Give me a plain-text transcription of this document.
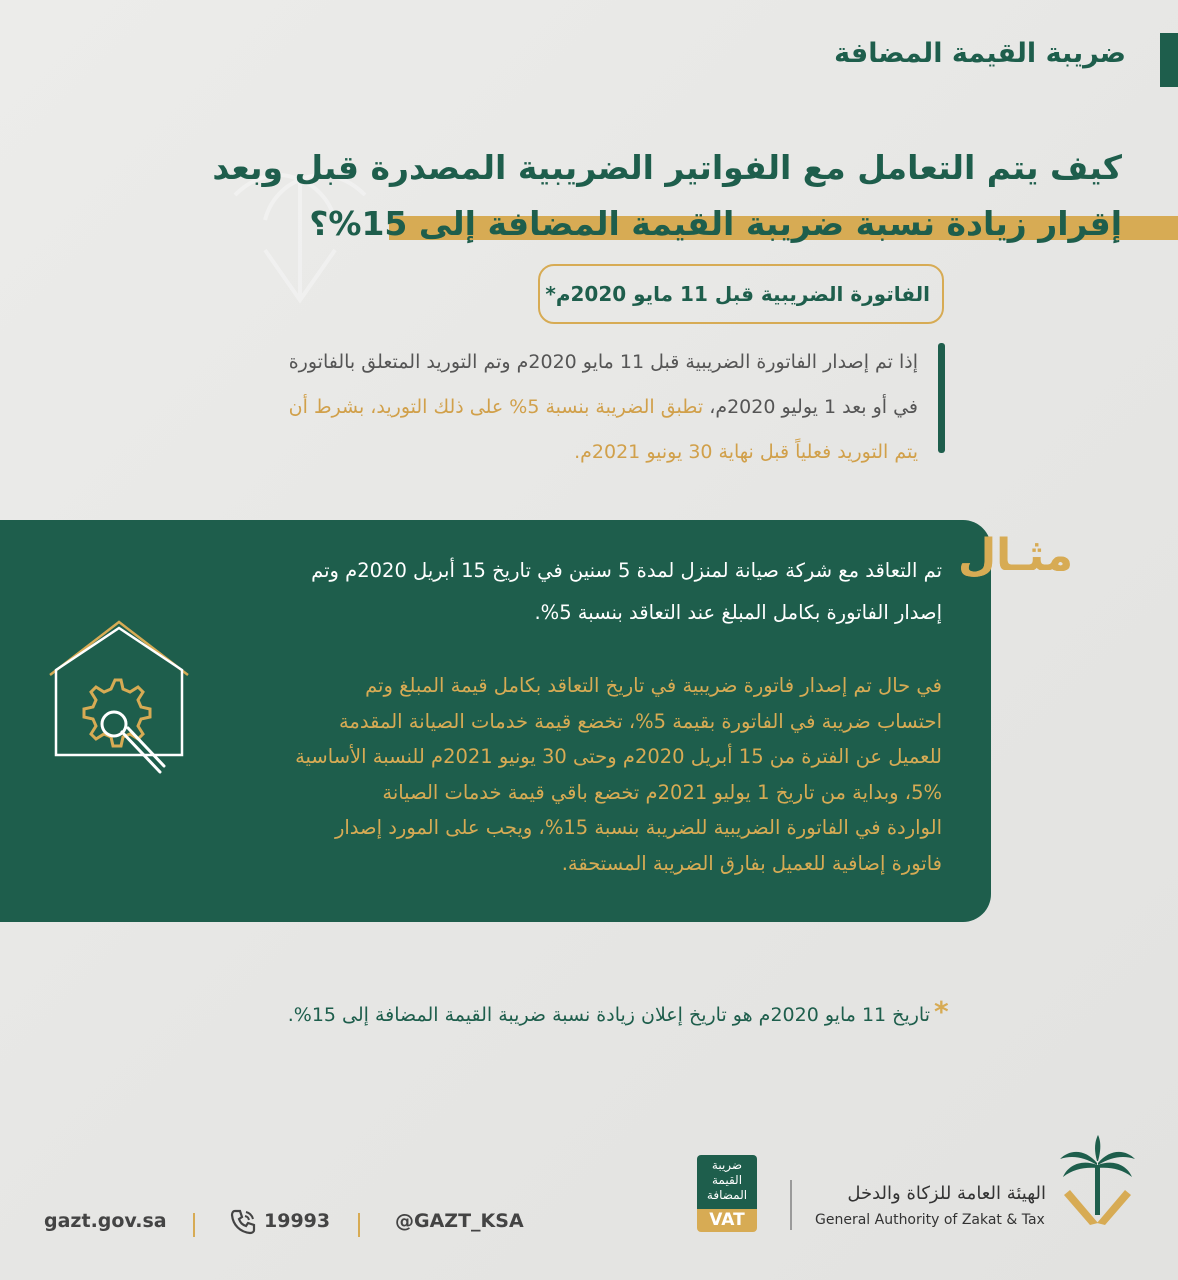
ضريبة القيمة المضافة
كيف يتم التعامل مع الفواتير الضريبية المصدرة قبل وبعد
إقرار زيادة نسبة ضريبة القيمة المضافة إلى 15%؟
الفاتورة الضريبية قبل 11 مايو 2020م*
إذا تم إصدار الفاتورة الضريبية قبل 11 مايو 2020م وتم التوريد المتعلق بالفاتورة
في أو بعد 1 يوليو 2020م، تطبق الضريبة بنسبة 5% على ذلك التوريد، بشرط أن
يتم التوريد فعلياً قبل نهاية 30 يونيو 2021م.
مثـال
تم التعاقد مع شركة صيانة لمنزل لمدة 5 سنين في تاريخ 15 أبريل 2020م وتم
إصدار الفاتورة بكامل المبلغ عند التعاقد بنسبة 5%.
في حال تم إصدار فاتورة ضريبية في تاريخ التعاقد بكامل قيمة المبلغ وتم
احتساب ضريبة في الفاتورة بقيمة 5%، تخضع قيمة خدمات الصيانة المقدمة
للعميل عن الفترة من 15 أبريل 2020م وحتى 30 يونيو 2021م للنسبة الأساسية
5%، وبداية من تاريخ 1 يوليو 2021م تخضع باقي قيمة خدمات الصيانة
الواردة في الفاتورة الضريبية للضريبة بنسبة 15%، ويجب على المورد إصدار
فاتورة إضافية للعميل بفارق الضريبة المستحقة.
*
تاريخ 11 مايو 2020م هو تاريخ إعلان زيادة نسبة ضريبة القيمة المضافة إلى 15%.
gazt.gov.sa	19993	@GAZT_KSA
ضريبة القيمة المضافة
VAT
الهيئة العامة للزكاة والدخل
General Authority of Zakat & Tax
